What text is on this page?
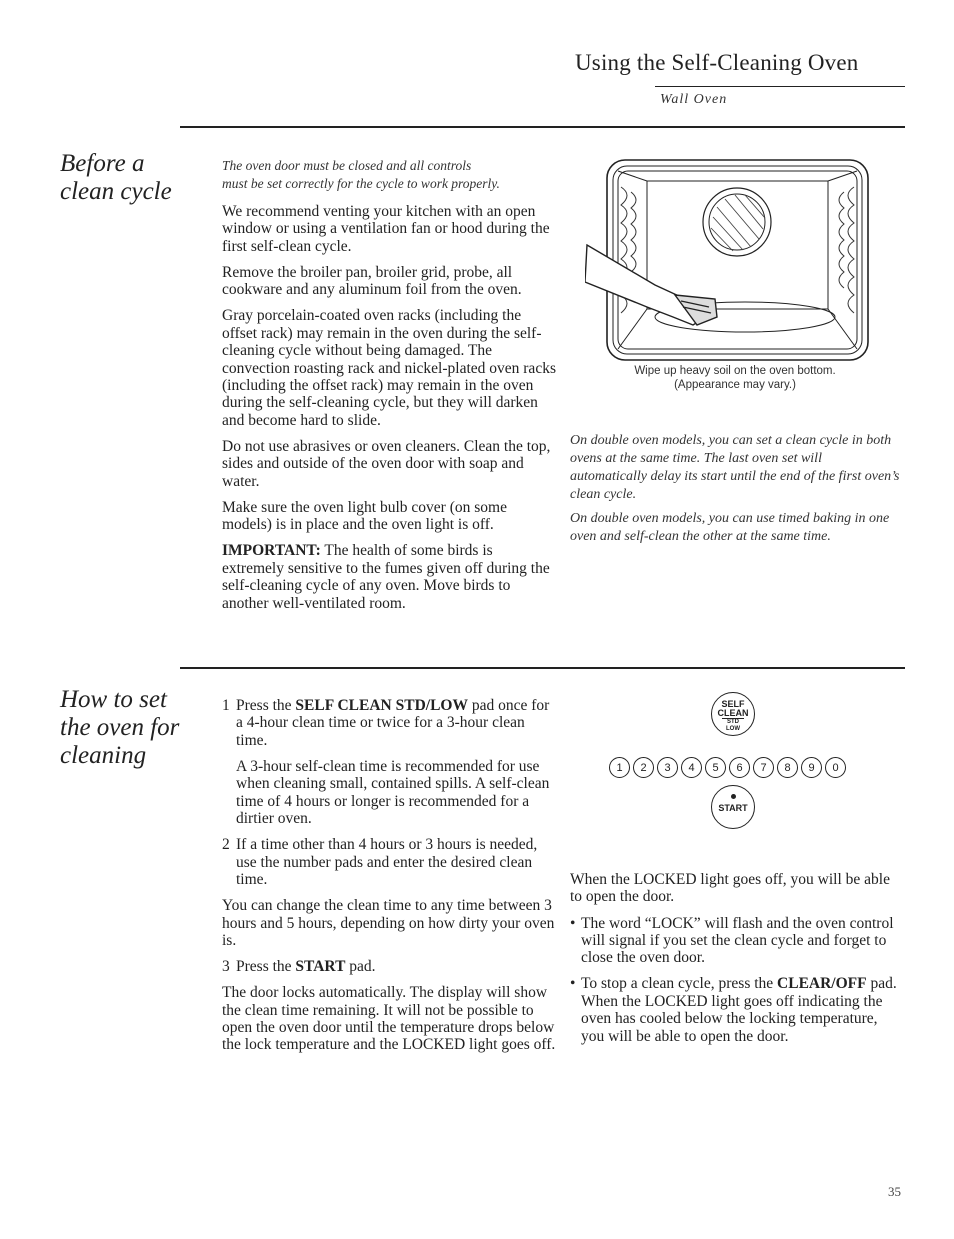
Using the Self-Cleaning Oven
Wall Oven
Before a
clean cycle
The oven door must be closed and all controls
must be set correctly for the cycle to work properly.

We recommend venting your kitchen with an open window or using a ventilation fan or hood during the first self-clean cycle.

Remove the broiler pan, broiler grid, probe, all cookware and any aluminum foil from the oven.

Gray porcelain-coated oven racks (including the offset rack) may remain in the oven during the self-cleaning cycle without being damaged. The convection roasting rack and nickel-plated oven racks (including the offset rack) may remain in the oven during the self-cleaning cycle, but they will darken and become hard to slide.

Do not use abrasives or oven cleaners. Clean the top, sides and outside of the oven door with soap and water.

Make sure the oven light bulb cover (on some models) is in place and the oven light is off.

IMPORTANT: The health of some birds is extremely sensitive to the fumes given off during the self-cleaning cycle of any oven. Move birds to another well-ventilated room.

Wipe up heavy soil on the oven bottom.
(Appearance may vary.)
On double oven models, you can set a clean cycle in both ovens at the same time. The last oven set will automatically delay its start until the end of the first oven’s clean cycle.
On double oven models, you can use timed baking in one oven and self-clean the other at the same time.
How to set
the oven for
cleaning
1 Press the SELF CLEAN STD/LOW pad once for a 4-hour clean time or twice for a 3-hour clean time.

A 3-hour self-clean time is recommended for use when cleaning small, contained spills. A self-clean time of 4 hours or longer is recommended for a dirtier oven.

2 If a time other than 4 hours or 3 hours is needed, use the number pads and enter the desired clean time.

You can change the clean time to any time between 3 hours and 5 hours, depending on how dirty your oven is.

3 Press the START pad.

The door locks automatically. The display will show the clean time remaining. It will not be possible to open the oven door until the temperature drops below the lock temperature and the LOCKED light goes off.

SELF
CLEAN
STD
LOW
1	2	3	4	5	6	7	8	9	0
START

When the LOCKED light goes off, you will be able to open the door.

• The word “LOCK” will flash and the oven control will signal if you set the clean cycle and forget to close the oven door.
• To stop a clean cycle, press the CLEAR/OFF pad. When the LOCKED light goes off indicating the oven has cooled below the locking temperature, you will be able to open the door.
35
